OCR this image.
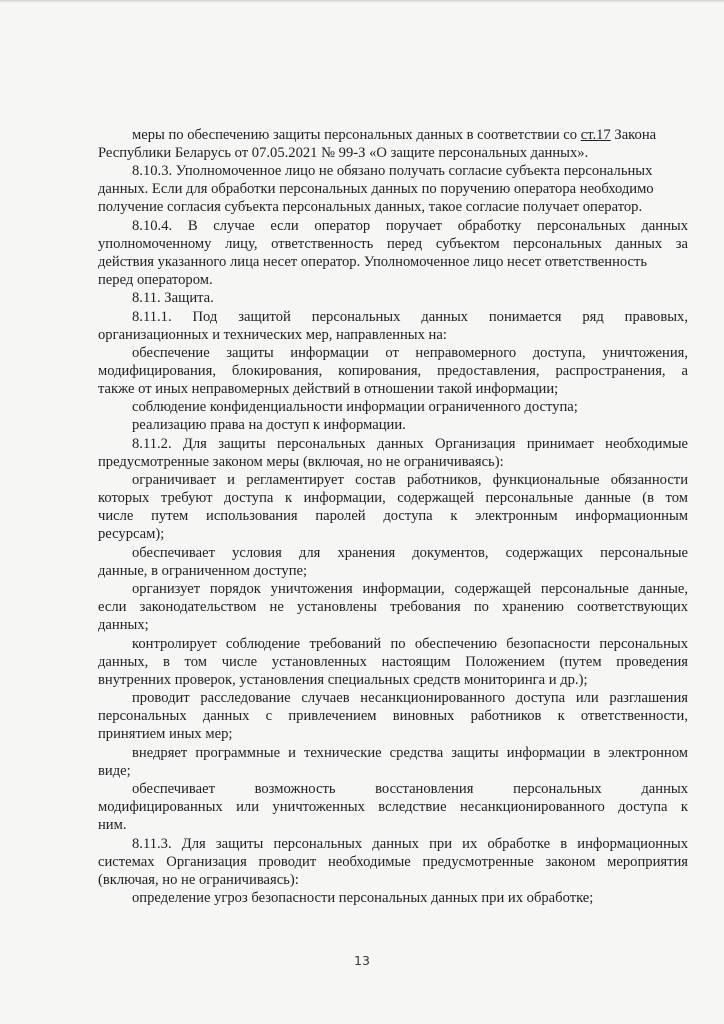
меры по обеспечению защиты персональных данных в соответствии со ст.17 Закона
Республики Беларусь от 07.05.2021 № 99-З «О защите персональных данных».
8.10.3. Уполномоченное лицо не обязано получать согласие субъекта персональных
данных. Если для обработки персональных данных по поручению оператора необходимо
получение согласия субъекта персональных данных, такое согласие получает оператор.
8.10.4. В случае если оператор поручает обработку персональных данных
уполномоченному лицу, ответственность перед субъектом персональных данных за
действия указанного лица несет оператор. Уполномоченное лицо несет ответственность
перед оператором.
8.11. Защита.
8.11.1. Под защитой персональных данных понимается ряд правовых,
организационных и технических мер, направленных на:
обеспечение защиты информации от неправомерного доступа, уничтожения,
модифицирования, блокирования, копирования, предоставления, распространения, а
также от иных неправомерных действий в отношении такой информации;
соблюдение конфиденциальности информации ограниченного доступа;
реализацию права на доступ к информации.
8.11.2. Для защиты персональных данных Организация принимает необходимые
предусмотренные законом меры (включая, но не ограничиваясь):
ограничивает и регламентирует состав работников, функциональные обязанности
которых требуют доступа к информации, содержащей персональные данные (в том
числе путем использования паролей доступа к электронным информационным
ресурсам);
обеспечивает условия для хранения документов, содержащих персональные
данные, в ограниченном доступе;
организует порядок уничтожения информации, содержащей персональные данные,
если законодательством не установлены требования по хранению соответствующих
данных;
контролирует соблюдение требований по обеспечению безопасности персональных
данных, в том числе установленных настоящим Положением (путем проведения
внутренних проверок, установления специальных средств мониторинга и др.);
проводит расследование случаев несанкционированного доступа или разглашения
персональных данных с привлечением виновных работников к ответственности,
принятием иных мер;
внедряет программные и технические средства защиты информации в электронном
виде;
обеспечивает возможность восстановления персональных данных
модифицированных или уничтоженных вследствие несанкционированного доступа к
ним.
8.11.3. Для защиты персональных данных при их обработке в информационных
системах Организация проводит необходимые предусмотренные законом мероприятия
(включая, но не ограничиваясь):
определение угроз безопасности персональных данных при их обработке;
13
